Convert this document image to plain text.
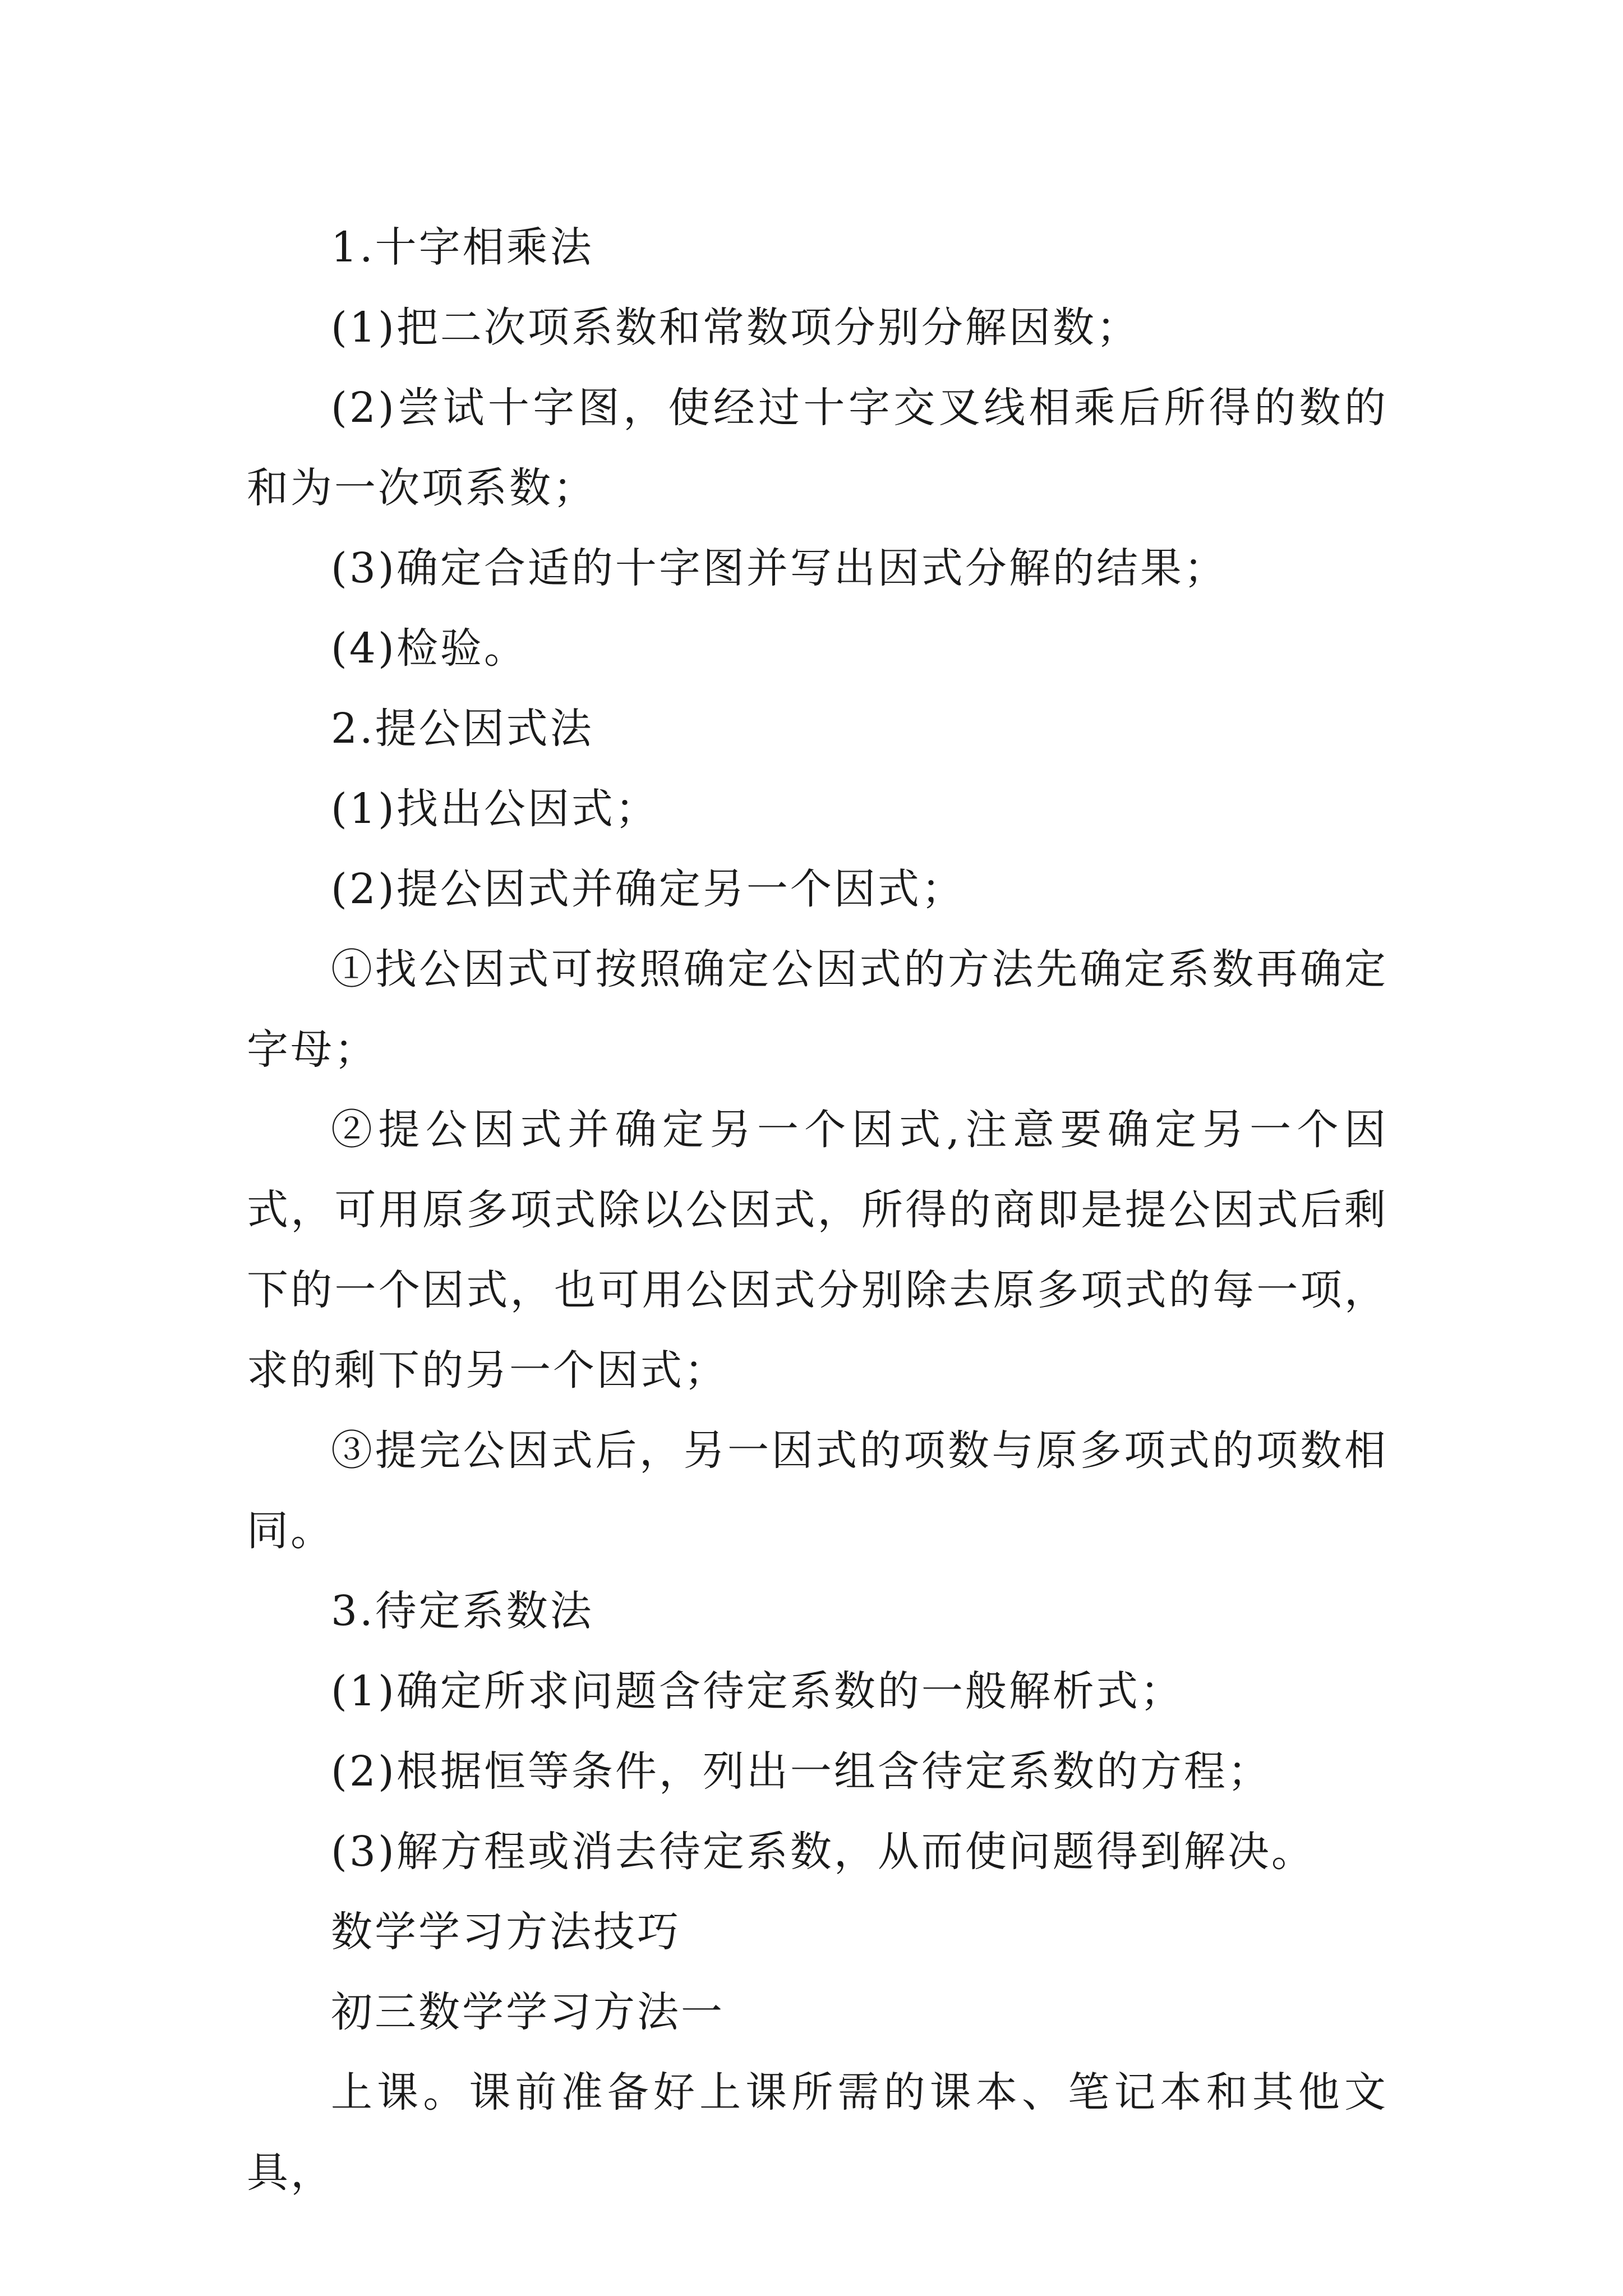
1.十字相乘法

(1)把二次项系数和常数项分别分解因数；

(2)尝试十字图，使经过十字交叉线相乘后所得的数的和为一次项系数；

(3)确定合适的十字图并写出因式分解的结果；

(4)检验。

2.提公因式法

(1)找出公因式；

(2)提公因式并确定另一个因式；

①找公因式可按照确定公因式的方法先确定系数再确定字母；

②提公因式并确定另一个因式,注意要确定另一个因式，可用原多项式除以公因式，所得的商即是提公因式后剩下的一个因式，也可用公因式分别除去原多项式的每一项，求的剩下的另一个因式；

③提完公因式后，另一因式的项数与原多项式的项数相同。

3.待定系数法

(1)确定所求问题含待定系数的一般解析式；

(2)根据恒等条件，列出一组含待定系数的方程；

(3)解方程或消去待定系数，从而使问题得到解决。

数学学习方法技巧

初三数学学习方法一

上课。课前准备好上课所需的课本、笔记本和其他文具，
